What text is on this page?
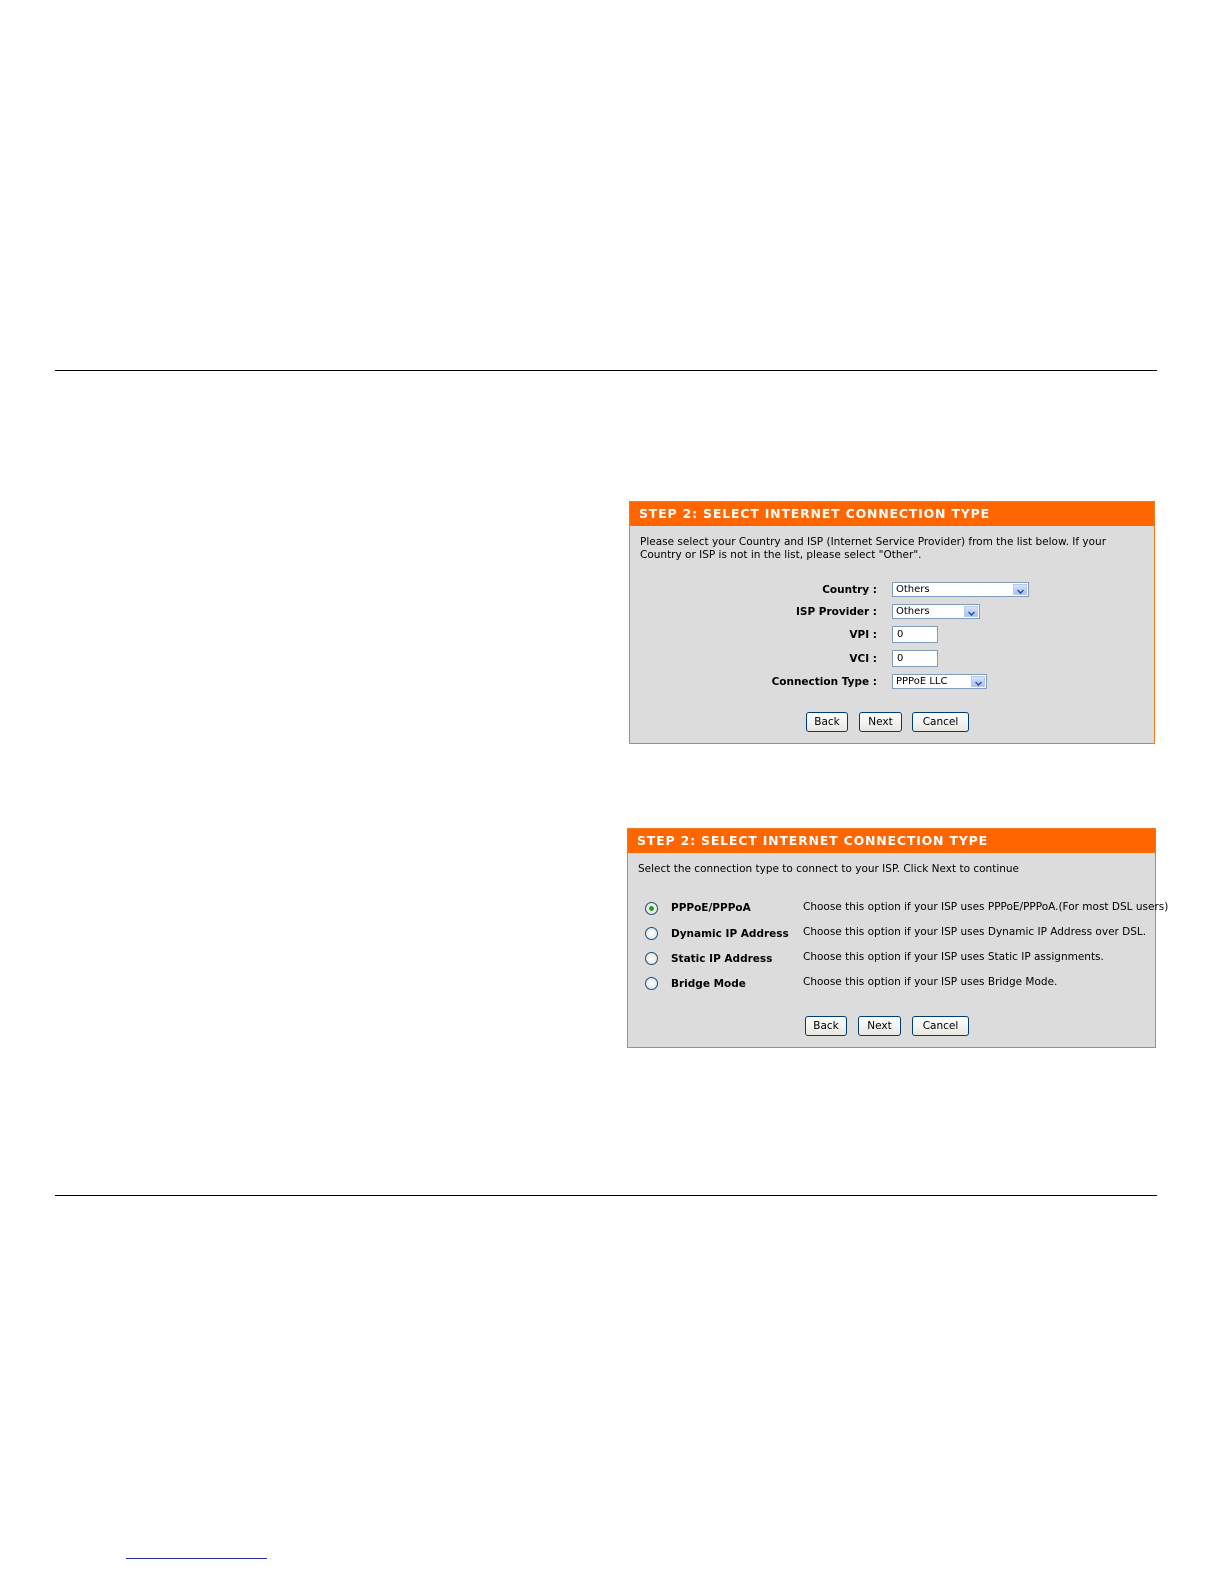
STEP 2: SELECT INTERNET CONNECTION TYPE
Please select your Country and ISP (Internet Service Provider) from the list below. If your Country or ISP is not in the list, please select "Other".
Country :	Others
ISP Provider :	Others
VPI :	0
VCI :	0
Connection Type :	PPPoE LLC
Back	Next	Cancel
STEP 2: SELECT INTERNET CONNECTION TYPE
Select the connection type to connect to your ISP. Click Next to continue
PPPoE/PPPoA	Choose this option if your ISP uses PPPoE/PPPoA.(For most DSL users)
Dynamic IP Address Choose this option if your ISP uses Dynamic IP Address over DSL.
Static IP Address	Choose this option if your ISP uses Static IP assignments.
Bridge Mode	Choose this option if your ISP uses Bridge Mode.
Back	Next	Cancel
